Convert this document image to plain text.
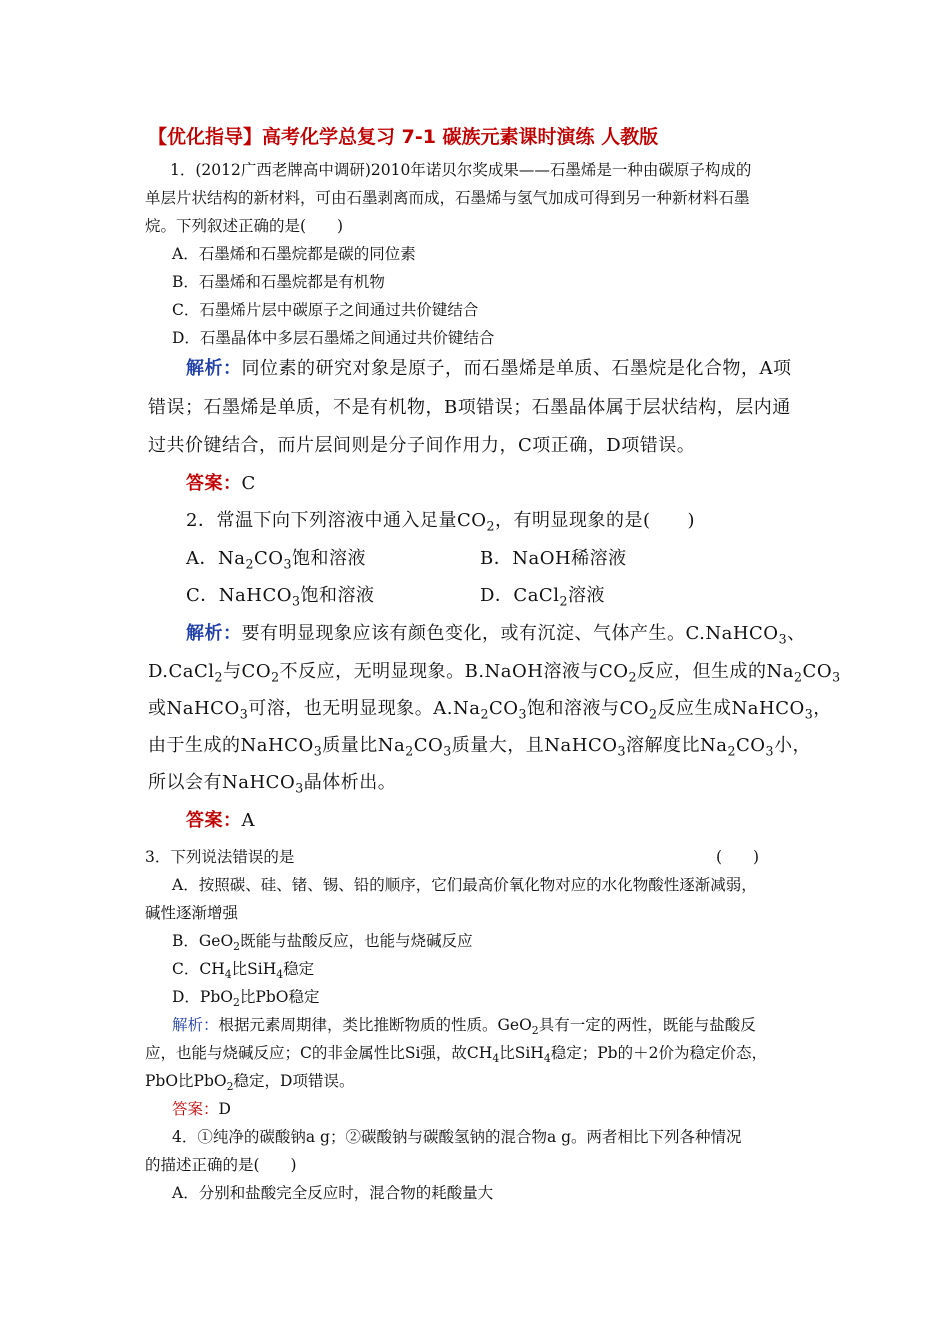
【优化指导】高考化学总复习 7-1 碳族元素课时演练 人教版
1．(2012广西老牌高中调研)2010年诺贝尔奖成果——石墨烯是一种由碳原子构成的
单层片状结构的新材料，可由石墨剥离而成，石墨烯与氢气加成可得到另一种新材料石墨
烷。下列叙述正确的是(　　)
A．石墨烯和石墨烷都是碳的同位素
B．石墨烯和石墨烷都是有机物
C．石墨烯片层中碳原子之间通过共价键结合
D．石墨晶体中多层石墨烯之间通过共价键结合
解析：同位素的研究对象是原子，而石墨烯是单质、石墨烷是化合物，A项
错误；石墨烯是单质，不是有机物，B项错误；石墨晶体属于层状结构，层内通
过共价键结合，而片层间则是分子间作用力，C项正确，D项错误。
答案：C
2．常温下向下列溶液中通入足量$CO_2$，有明显现象的是(　　)
A．$Na_2CO_3$饱和溶液	B．NaOH稀溶液
C．NaHCO$_3$饱和溶液	D．CaCl$_2$溶液
解析：要有明显现象应该有颜色变化，或有沉淀、气体产生。C.NaHCO$_3$、
D.CaCl$_2$与$CO_2$不反应，无明显现象。B.NaOH溶液与$CO_2$反应，但生成的$Na_2CO_3$
或NaHCO$_3$可溶，也无明显现象。$A.Na_2CO_3$饱和溶液与$CO_2$反应生成NaHCO$_3$，
由于生成的NaHCO$_3$质量比$Na_2CO_3$质量大，且NaHCO$_3$溶解度比$Na_2CO_3$小，
所以会有NaHCO$_3$晶体析出。
答案：A
3．下列说法错误的是	(　　)
A．按照碳、硅、锗、锡、铅的顺序，它们最高价氧化物对应的水化物酸性逐渐减弱，
碱性逐渐增强
B．GeO$_2$既能与盐酸反应，也能与烧碱反应
C．$CH_4$比SiH$_4$稳定
D．PbO$_2$比PbO稳定
解析：根据元素周期律，类比推断物质的性质。GeO$_2$具有一定的两性，既能与盐酸反
应，也能与烧碱反应；C的非金属性比Si强，故$CH_4$比SiH$_4$稳定；Pb的＋2价为稳定价态，
PbO比PbO$_2$稳定，D项错误。
答案：D
4．①纯净的碳酸钠a g；②碳酸钠与碳酸氢钠的混合物a g。两者相比下列各种情况
的描述正确的是(　　)
A．分别和盐酸完全反应时，混合物的耗酸量大
